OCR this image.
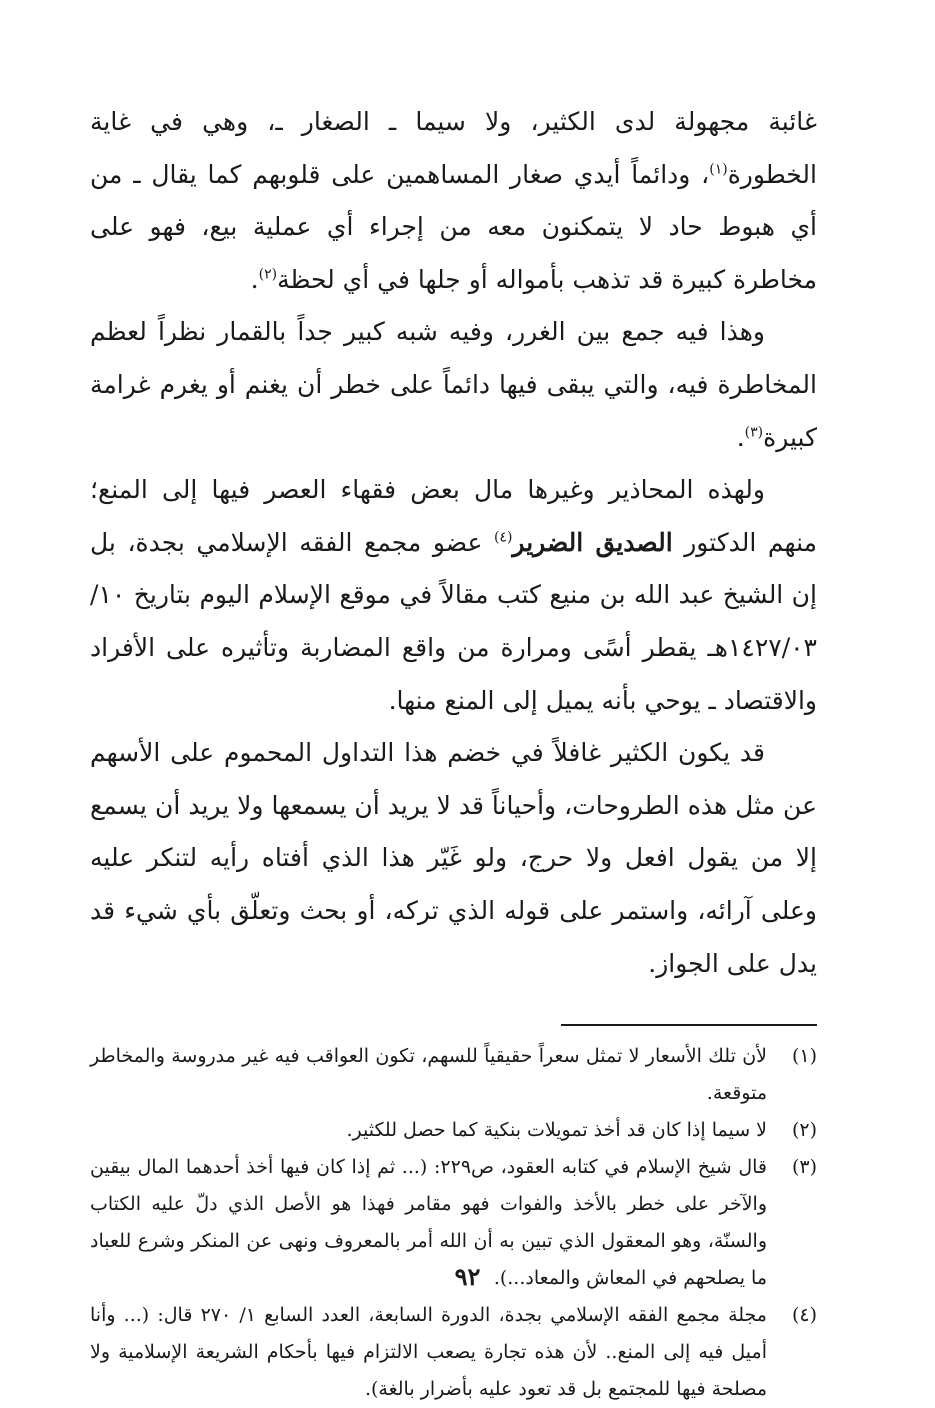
غائبة مجهولة لدى الكثير، ولا سيما ـ الصغار ـ، وهي في غاية الخطورة$^{(١)}$، ودائماً أيدي صغار المساهمين على قلوبهم كما يقال ـ من أي هبوط حاد لا يتمكنون معه من إجراء أي عملية بيع، فهو على مخاطرة كبيرة قد تذهب بأمواله أو جلها في أي لحظة$^{(٢)}$.

وهذا فيه جمع بين الغرر، وفيه شبه كبير جداً بالقمار نظراً لعظم المخاطرة فيه، والتي يبقى فيها دائماً على خطر أن يغنم أو يغرم غرامة كبيرة$^{(٣)}$.

ولهذه المحاذير وغيرها مال بعض فقهاء العصر فيها إلى المنع؛ منهم الدكتور الصديق الضرير$^{(٤)}$ عضو مجمع الفقه الإسلامي بجدة، بل إن الشيخ عبد الله بن منيع كتب مقالاً في موقع الإسلام اليوم بتاريخ ١٠/ ١٤٢٧/٠٣هـ يقطر أسًى ومرارة من واقع المضاربة وتأثيره على الأفراد والاقتصاد ـ يوحي بأنه يميل إلى المنع منها.

قد يكون الكثير غافلاً في خضم هذا التداول المحموم على الأسهم عن مثل هذه الطروحات، وأحياناً قد لا يريد أن يسمعها ولا يريد أن يسمع إلا من يقول افعل ولا حرج، ولو غَيّر هذا الذي أفتاه رأيه لتنكر عليه وعلى آرائه، واستمر على قوله الذي تركه، أو بحث وتعلّق بأي شيء قد يدل على الجواز.

(١)
لأن تلك الأسعار لا تمثل سعراً حقيقياً للسهم، تكون العواقب فيه غير مدروسة والمخاطر متوقعة.
(٢)
لا سيما إذا كان قد أخذ تمويلات بنكية كما حصل للكثير.
(٣)
قال شيخ الإسلام في كتابه العقود، ص٢٢٩: (... ثم إذا كان فيها أخذ أحدهما المال بيقين والآخر على خطر بالأخذ والفوات فهو مقامر فهذا هو الأصل الذي دلّ عليه الكتاب والسنّة، وهو المعقول الذي تبين به أن الله أمر بالمعروف ونهى عن المنكر وشرع للعباد ما يصلحهم في المعاش والمعاد...).
(٤)
مجلة مجمع الفقه الإسلامي بجدة، الدورة السابعة، العدد السابع ١/ ٢٧٠ قال: (... وأنا أميل فيه إلى المنع.. لأن هذه تجارة يصعب الالتزام فيها بأحكام الشريعة الإسلامية ولا مصلحة فيها للمجتمع بل قد تعود عليه بأضرار بالغة).
٩٢
